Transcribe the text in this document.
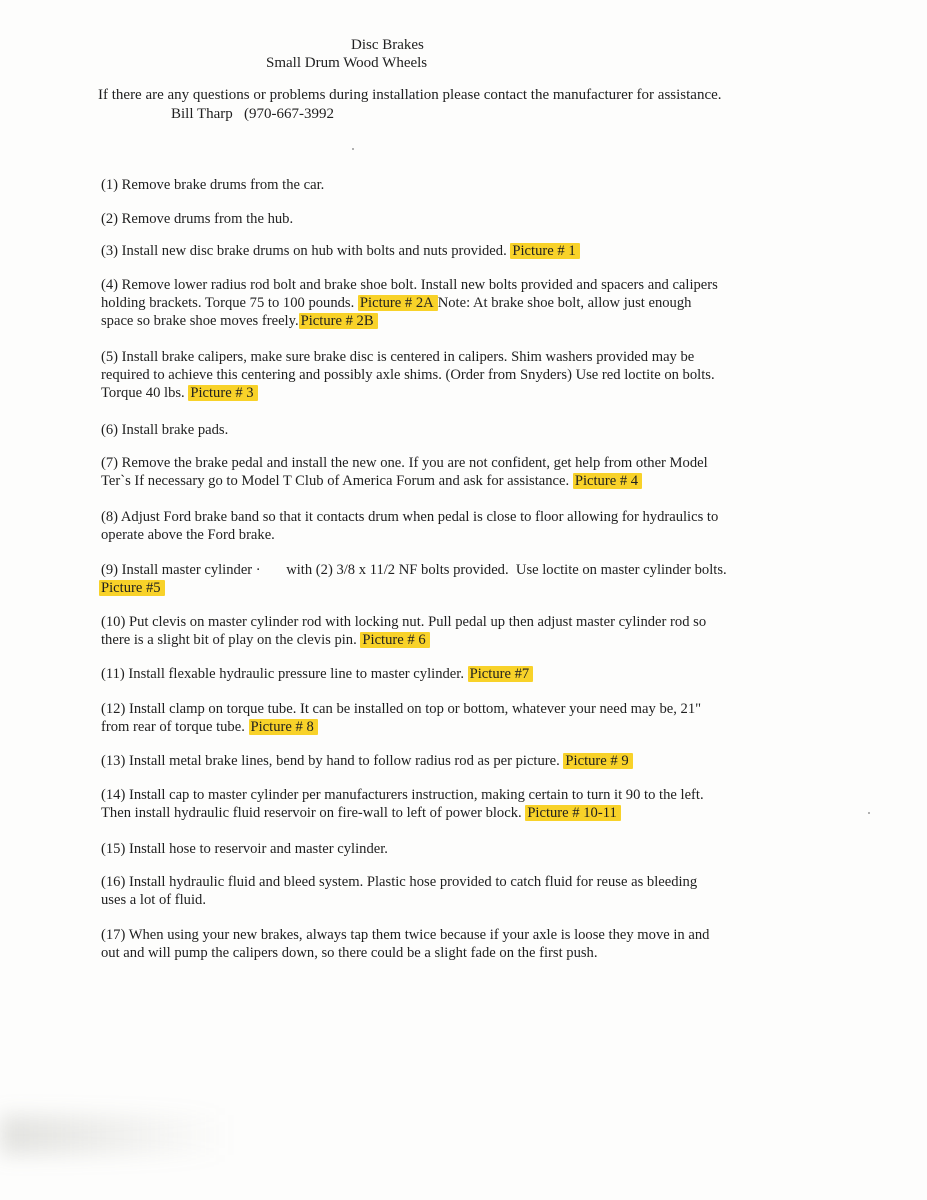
Disc Brakes
Small Drum Wood Wheels
If there are any questions or problems during installation please contact the manufacturer for assistance.
Bill Tharp   (970-667-3992
(1) Remove brake drums from the car.
(2) Remove drums from the hub.
(3) Install new disc brake drums on hub with bolts and nuts provided. Picture # 1
(4) Remove lower radius rod bolt and brake shoe bolt. Install new bolts provided and spacers and calipers
holding brackets. Torque 75 to 100 pounds. Picture # 2A Note: At brake shoe bolt, allow just enough
space so brake shoe moves freely. Picture # 2B
(5) Install brake calipers, make sure brake disc is centered in calipers. Shim washers provided may be
required to achieve this centering and possibly axle shims. (Order from Snyders) Use red loctite on bolts.
Torque 40 lbs. Picture # 3
(6) Install brake pads.
(7) Remove the brake pedal and install the new one. If you are not confident, get help from other Model
Ter`s If necessary go to Model T Club of America Forum and ask for assistance. Picture # 4
(8) Adjust Ford brake band so that it contacts drum when pedal is close to floor allowing for hydraulics to
operate above the Ford brake.
(9) Install master cylinder ·       with (2) 3/8 x 11/2 NF bolts provided.  Use loctite on master cylinder bolts.
Picture #5
(10) Put clevis on master cylinder rod with locking nut. Pull pedal up then adjust master cylinder rod so
there is a slight bit of play on the clevis pin. Picture # 6
(11) Install flexable hydraulic pressure line to master cylinder. Picture #7
(12) Install clamp on torque tube. It can be installed on top or bottom, whatever your need may be, 21"
from rear of torque tube. Picture # 8
(13) Install metal brake lines, bend by hand to follow radius rod as per picture. Picture # 9
(14) Install cap to master cylinder per manufacturers instruction, making certain to turn it 90 to the left.
Then install hydraulic fluid reservoir on fire-wall to left of power block. Picture # 10-11
(15) Install hose to reservoir and master cylinder.
(16) Install hydraulic fluid and bleed system. Plastic hose provided to catch fluid for reuse as bleeding
uses a lot of fluid.
(17) When using your new brakes, always tap them twice because if your axle is loose they move in and
out and will pump the calipers down, so there could be a slight fade on the first push.
